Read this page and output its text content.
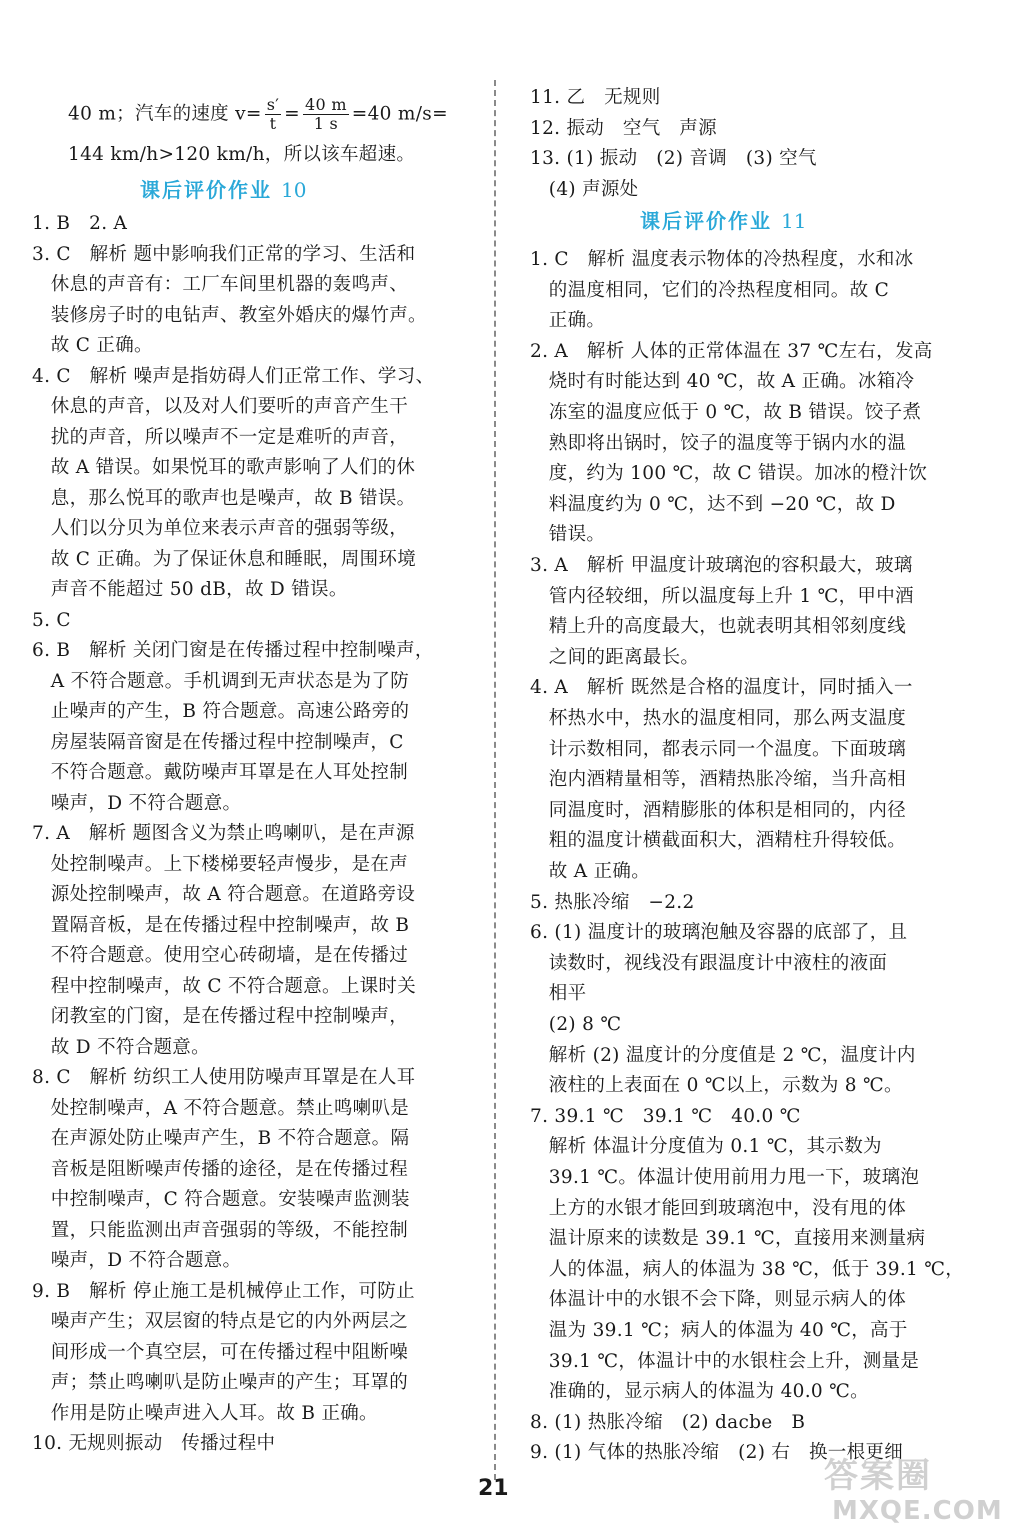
40 m；汽车的速度 $v= \frac{s'}{t} = \frac{40 m}{1 s} =40$ m/s=
144 km/h>120 km/h，所以该车超速。
课后评价作业 10
1. B　2. A
3. C　解析 题中影响我们正常的学习、生活和
　休息的声音有：工厂车间里机器的轰鸣声、
　装修房子时的电钻声、教室外婚庆的爆竹声。
　故 C 正确。
4. C　解析 噪声是指妨碍人们正常工作、学习、
　休息的声音，以及对人们要听的声音产生干
　扰的声音，所以噪声不一定是难听的声音，
　故 A 错误。如果悦耳的歌声影响了人们的休
　息，那么悦耳的歌声也是噪声，故 B 错误。
　人们以分贝为单位来表示声音的强弱等级，
　故 C 正确。为了保证休息和睡眠，周围环境
　声音不能超过 50 dB，故 D 错误。
5. C
6. B　解析 关闭门窗是在传播过程中控制噪声，
　A 不符合题意。手机调到无声状态是为了防
　止噪声的产生，B 符合题意。高速公路旁的
　房屋装隔音窗是在传播过程中控制噪声，C
　不符合题意。戴防噪声耳罩是在人耳处控制
　噪声，D 不符合题意。
7. A　解析 题图含义为禁止鸣喇叭，是在声源
　处控制噪声。上下楼梯要轻声慢步，是在声
　源处控制噪声，故 A 符合题意。在道路旁设
　置隔音板，是在传播过程中控制噪声，故 B
　不符合题意。使用空心砖砌墙，是在传播过
　程中控制噪声，故 C 不符合题意。上课时关
　闭教室的门窗，是在传播过程中控制噪声，
　故 D 不符合题意。
8. C　解析 纺织工人使用防噪声耳罩是在人耳
　处控制噪声，A 不符合题意。禁止鸣喇叭是
　在声源处防止噪声产生，B 不符合题意。隔
　音板是阻断噪声传播的途径，是在传播过程
　中控制噪声，C 符合题意。安装噪声监测装
　置，只能监测出声音强弱的等级，不能控制
　噪声，D 不符合题意。
9. B　解析 停止施工是机械停止工作，可防止
　噪声产生；双层窗的特点是它的内外两层之
　间形成一个真空层，可在传播过程中阻断噪
　声；禁止鸣喇叭是防止噪声的产生；耳罩的
　作用是防止噪声进入人耳。故 B 正确。
10. 无规则振动　传播过程中
11. 乙　无规则
12. 振动　空气　声源
13. (1) 振动　(2) 音调　(3) 空气
　(4) 声源处
课后评价作业 11
1. C　解析 温度表示物体的冷热程度，水和冰
　的温度相同，它们的冷热程度相同。故 C
　正确。
2. A　解析 人体的正常体温在 37 ℃左右，发高
　烧时有时能达到 40 ℃，故 A 正确。冰箱冷
　冻室的温度应低于 0 ℃，故 B 错误。饺子煮
　熟即将出锅时，饺子的温度等于锅内水的温
　度，约为 100 ℃，故 C 错误。加冰的橙汁饮
　料温度约为 0 ℃，达不到 −20 ℃，故 D
　错误。
3. A　解析 甲温度计玻璃泡的容积最大，玻璃
　管内径较细，所以温度每上升 1 ℃，甲中酒
　精上升的高度最大，也就表明其相邻刻度线
　之间的距离最长。
4. A　解析 既然是合格的温度计，同时插入一
　杯热水中，热水的温度相同，那么两支温度
　计示数相同，都表示同一个温度。下面玻璃
　泡内酒精量相等，酒精热胀冷缩，当升高相
　同温度时，酒精膨胀的体积是相同的，内径
　粗的温度计横截面积大，酒精柱升得较低。
　故 A 正确。
5. 热胀冷缩　−2.2
6. (1) 温度计的玻璃泡触及容器的底部了，且
　读数时，视线没有跟温度计中液柱的液面
　相平
　(2) 8 ℃
　解析 (2) 温度计的分度值是 2 ℃，温度计内
　液柱的上表面在 0 ℃以上，示数为 8 ℃。
7. 39.1 ℃　39.1 ℃　40.0 ℃
　解析 体温计分度值为 0.1 ℃，其示数为
　39.1 ℃。体温计使用前用力甩一下，玻璃泡
　上方的水银才能回到玻璃泡中，没有甩的体
　温计原来的读数是 39.1 ℃，直接用来测量病
　人的体温，病人的体温为 38 ℃，低于 39.1 ℃，
　体温计中的水银不会下降，则显示病人的体
　温为 39.1 ℃；病人的体温为 40 ℃，高于
　39.1 ℃，体温计中的水银柱会上升，测量是
　准确的，显示病人的体温为 40.0 ℃。
8. (1) 热胀冷缩　(2) dacbe　B
9. (1) 气体的热胀冷缩　(2) 右　换一根更细
21	答案圈
MXQE.COM
